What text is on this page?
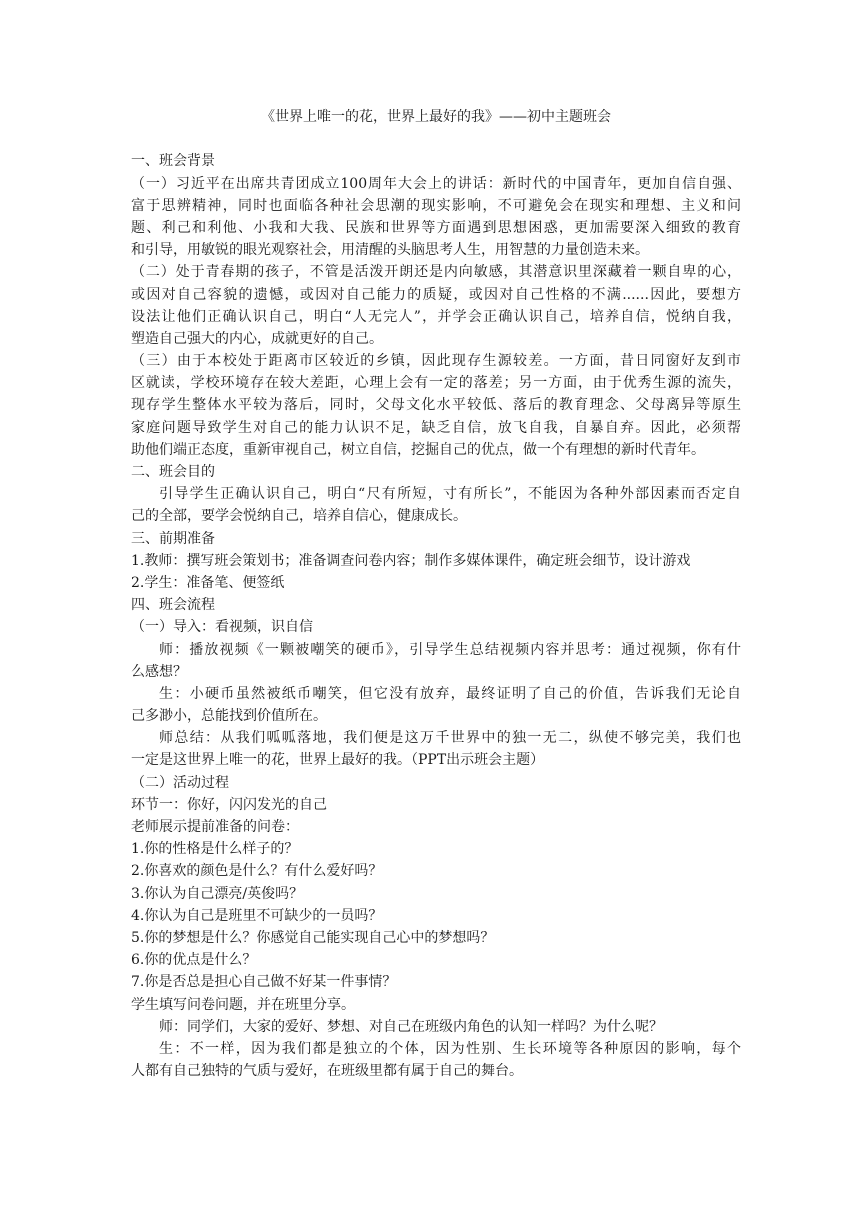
《世界上唯一的花，世界上最好的我》——初中主题班会
一、班会背景
（一）习近平在出席共青团成立100周年大会上的讲话：新时代的中国青年，更加自信自强、
富于思辨精神，同时也面临各种社会思潮的现实影响，不可避免会在现实和理想、主义和问
题、利己和利他、小我和大我、民族和世界等方面遇到思想困惑，更加需要深入细致的教育
和引导，用敏锐的眼光观察社会，用清醒的头脑思考人生，用智慧的力量创造未来。
（二）处于青春期的孩子，不管是活泼开朗还是内向敏感，其潜意识里深藏着一颗自卑的心，
或因对自己容貌的遗憾，或因对自己能力的质疑，或因对自己性格的不满......因此，要想方
设法让他们正确认识自己，明白“人无完人”，并学会正确认识自己，培养自信，悦纳自我，
塑造自己强大的内心，成就更好的自己。
（三）由于本校处于距离市区较近的乡镇，因此现存生源较差。一方面，昔日同窗好友到市
区就读，学校环境存在较大差距，心理上会有一定的落差；另一方面，由于优秀生源的流失，
现存学生整体水平较为落后，同时，父母文化水平较低、落后的教育理念、父母离异等原生
家庭问题导致学生对自己的能力认识不足，缺乏自信，放飞自我，自暴自弃。因此，必须帮
助他们端正态度，重新审视自己，树立自信，挖掘自己的优点，做一个有理想的新时代青年。
二、班会目的
引导学生正确认识自己，明白“尺有所短，寸有所长”，不能因为各种外部因素而否定自
己的全部，要学会悦纳自己，培养自信心，健康成长。
三、前期准备
1.教师：撰写班会策划书；准备调查问卷内容；制作多媒体课件，确定班会细节，设计游戏
2.学生：准备笔、便签纸
四、班会流程
（一）导入：看视频，识自信
师：播放视频《一颗被嘲笑的硬币》，引导学生总结视频内容并思考：通过视频，你有什
么感想？
生：小硬币虽然被纸币嘲笑，但它没有放弃，最终证明了自己的价值，告诉我们无论自
己多渺小，总能找到价值所在。
师总结：从我们呱呱落地，我们便是这万千世界中的独一无二，纵使不够完美，我们也
一定是这世界上唯一的花，世界上最好的我。（PPT出示班会主题）
（二）活动过程
环节一：你好，闪闪发光的自己
老师展示提前准备的问卷：
1.你的性格是什么样子的？
2.你喜欢的颜色是什么？有什么爱好吗？
3.你认为自己漂亮/英俊吗？
4.你认为自己是班里不可缺少的一员吗？
5.你的梦想是什么？你感觉自己能实现自己心中的梦想吗？
6.你的优点是什么？
7.你是否总是担心自己做不好某一件事情？
学生填写问卷问题，并在班里分享。
师：同学们，大家的爱好、梦想、对自己在班级内角色的认知一样吗？为什么呢？
生：不一样，因为我们都是独立的个体，因为性别、生长环境等各种原因的影响，每个
人都有自己独特的气质与爱好，在班级里都有属于自己的舞台。
